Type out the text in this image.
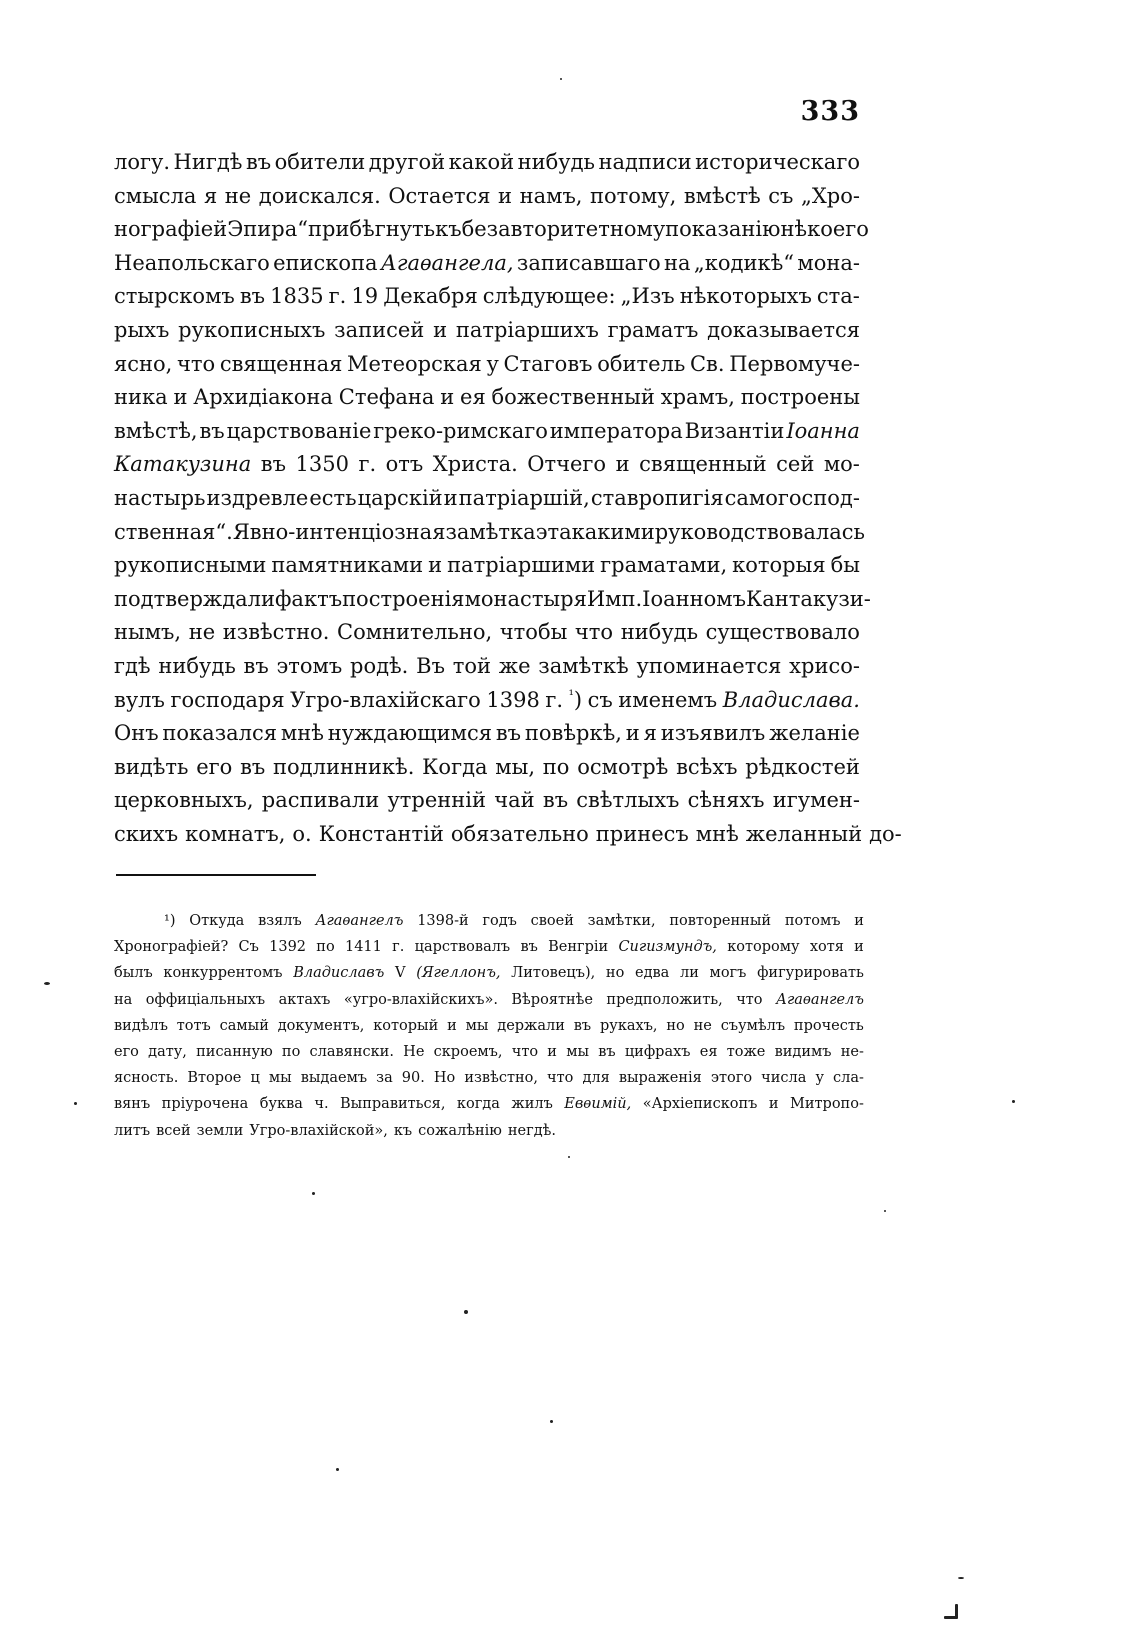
333
логу. Нигдѣ въ обители другой какой нибудь надписи историческаго
смысла я не доискался. Остается и намъ, потому, вмѣстѣ съ „Хро-
нографіей Эпира“ прибѣгнуть къ безавторитетному показанію нѣкоего
Неапольскаго епископа Агаѳангела, записавшаго на „кодикѣ“ мона-
стырскомъ въ 1835 г. 19 Декабря слѣдующее: „Изъ нѣкоторыхъ ста-
рыхъ рукописныхъ записей и патріаршихъ граматъ доказывается
ясно, что священная Метеорская у Стаговъ обитель Св. Первомуче-
ника и Архидіакона Стефана и ея божественный храмъ, построены
вмѣстѣ, въ царствованіе греко-римскаго императора Византіи Іоанна
Катакузина въ 1350 г. отъ Христа. Отчего и священный сей мо-
настырь издревле есть царскій и патріаршій, ставропигія самогоспод-
ственная“. Явно-интенціозная замѣтка эта какими руководствовалась
рукописными памятниками и патріаршими граматами, которыя бы
подтверждали фактъ построенія монастыря Имп. Іоанномъ Кантакузи-
нымъ, не извѣстно. Сомнительно, чтобы что нибудь существовало
гдѣ нибудь въ этомъ родѣ. Въ той же замѣткѣ упоминается хрисо-
вулъ господаря Угро-влахійскаго 1398 г. $^{^1}$) съ именемъ Владислава.
Онъ показался мнѣ нуждающимся въ повѣркѣ, и я изъявилъ желаніе
видѣть его въ подлинникѣ. Когда мы, по осмотрѣ всѣхъ рѣдкостей
церковныхъ, распивали утренній чай въ свѣтлыхъ сѣняхъ игумен-
скихъ комнатъ, о. Константій обязательно принесъ мнѣ желанный до-
¹) Откуда взялъ Агаѳангелъ 1398-й годъ своей замѣтки, повторенный потомъ и
Хронографіей? Съ 1392 по 1411 г. царствовалъ въ Венгріи Сигизмундъ, которому хотя и
былъ конкуррентомъ Владиславъ V (Ягеллонъ, Литовецъ), но едва ли могъ фигурировать
на оффиціальныхъ актахъ «угро-влахійскихъ». Вѣроятнѣе предположить, что Агаѳангелъ
видѣлъ тотъ самый документъ, который и мы держали въ рукахъ, но не съумѣлъ прочесть
его дату, писанную по славянски. Не скроемъ, что и мы въ цифрахъ ея тоже видимъ не-
ясность. Второе ц мы выдаемъ за 90. Но извѣстно, что для выраженія этого числа у сла-
вянъ пріурочена буква ч. Выправиться, когда жилъ Евѳимій, «Архіепископъ и Митропо-
литъ всей земли Угро-влахійской», къ сожалѣнію негдѣ.
